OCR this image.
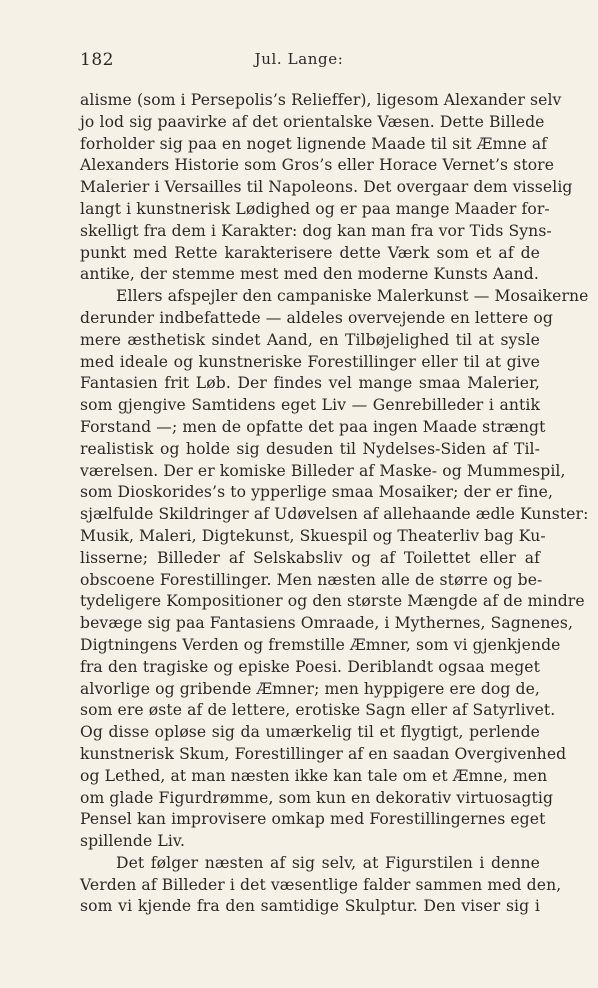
182	Jul. Lange:
alisme (som i Persepolis’s Relieffer), ligesom Alexander selv
jo lod sig paavirke af det orientalske Væsen. Dette Billede
forholder sig paa en noget lignende Maade til sit Æmne af
Alexanders Historie som Gros’s eller Horace Vernet’s store
Malerier i Versailles til Napoleons. Det overgaar dem visselig
langt i kunstnerisk Lødighed og er paa mange Maader for-
skelligt fra dem i Karakter: dog kan man fra vor Tids Syns-
punkt med Rette karakterisere dette Værk som et af de
antike, der stemme mest med den moderne Kunsts Aand.
Ellers afspejler den campaniske Malerkunst — Mosaikerne
derunder indbefattede — aldeles overvejende en lettere og
mere æsthetisk sindet Aand, en Tilbøjelighed til at sysle
med ideale og kunstneriske Forestillinger eller til at give
Fantasien frit Løb. Der findes vel mange smaa Malerier,
som gjengive Samtidens eget Liv — Genrebilleder i antik
Forstand —; men de opfatte det paa ingen Maade strængt
realistisk og holde sig desuden til Nydelses-Siden af Til-
værelsen. Der er komiske Billeder af Maske- og Mummespil,
som Dioskorides’s to ypperlige smaa Mosaiker; der er fine,
sjælfulde Skildringer af Udøvelsen af allehaande ædle Kunster:
Musik, Maleri, Digtekunst, Skuespil og Theaterliv bag Ku-
lisserne; Billeder af Selskabsliv og af Toilettet eller af
obscoene Forestillinger. Men næsten alle de større og be-
tydeligere Kompositioner og den største Mængde af de mindre
bevæge sig paa Fantasiens Omraade, i Mythernes, Sagnenes,
Digtningens Verden og fremstille Æmner, som vi gjenkjende
fra den tragiske og episke Poesi. Deriblandt ogsaa meget
alvorlige og gribende Æmner; men hyppigere ere dog de,
som ere øste af de lettere, erotiske Sagn eller af Satyrlivet.
Og disse opløse sig da umærkelig til et flygtigt, perlende
kunstnerisk Skum, Forestillinger af en saadan Overgivenhed
og Lethed, at man næsten ikke kan tale om et Æmne, men
om glade Figurdrømme, som kun en dekorativ virtuosagtig
Pensel kan improvisere omkap med Forestillingernes eget
spillende Liv.
Det følger næsten af sig selv, at Figurstilen i denne
Verden af Billeder i det væsentlige falder sammen med den,
som vi kjende fra den samtidige Skulptur. Den viser sig i
